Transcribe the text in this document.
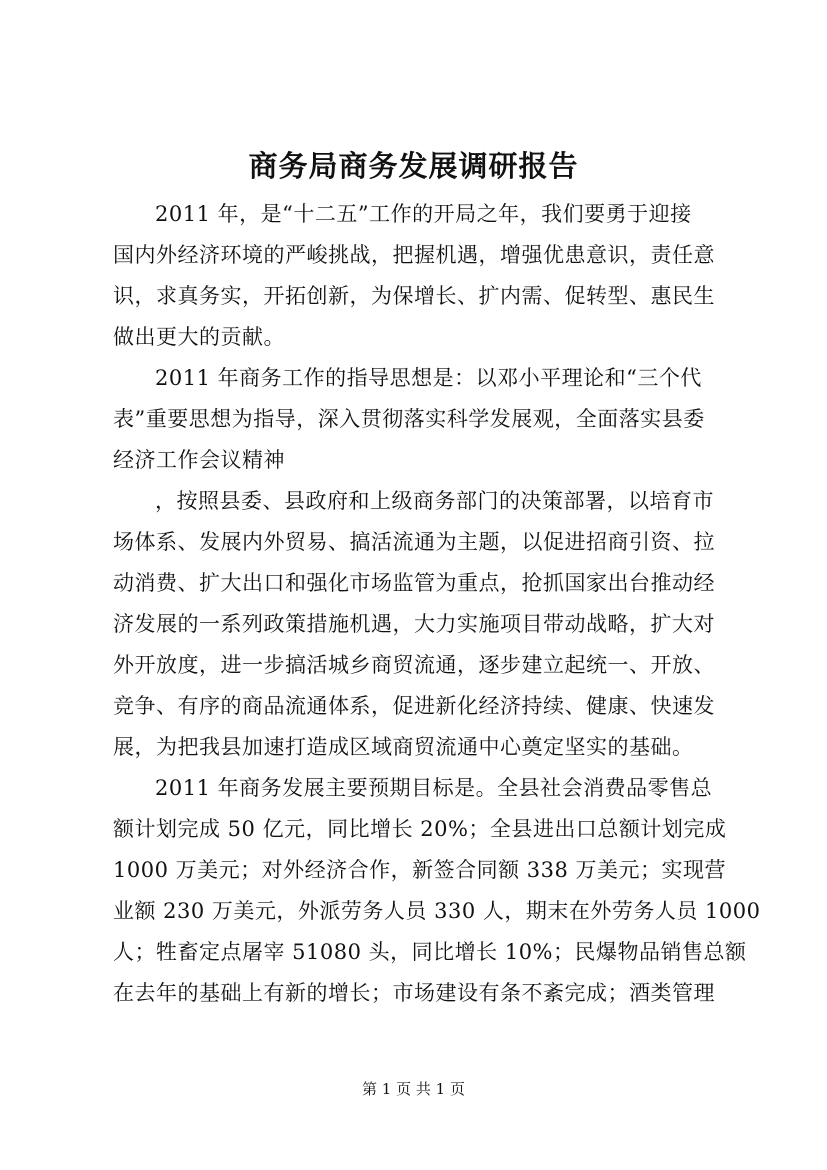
商务局商务发展调研报告
2011 年，是“十二五”工作的开局之年，我们要勇于迎接
国内外经济环境的严峻挑战，把握机遇，增强优患意识，责任意
识，求真务实，开拓创新，为保增长、扩内需、促转型、惠民生
做出更大的贡献。
2011 年商务工作的指导思想是：以邓小平理论和“三个代
表”重要思想为指导，深入贯彻落实科学发展观，全面落实县委
经济工作会议精神
，按照县委、县政府和上级商务部门的决策部署，以培育市
场体系、发展内外贸易、搞活流通为主题，以促进招商引资、拉
动消费、扩大出口和强化市场监管为重点，抢抓国家出台推动经
济发展的一系列政策措施机遇，大力实施项目带动战略，扩大对
外开放度，进一步搞活城乡商贸流通，逐步建立起统一、开放、
竞争、有序的商品流通体系，促进新化经济持续、健康、快速发
展，为把我县加速打造成区域商贸流通中心奠定坚实的基础。
2011 年商务发展主要预期目标是。全县社会消费品零售总
额计划完成 50 亿元，同比增长 20%；全县进出口总额计划完成
1000 万美元；对外经济合作，新签合同额 338 万美元；实现营
业额 230 万美元，外派劳务人员 330 人，期末在外劳务人员 1000
人；牲畜定点屠宰 51080 头，同比增长 10%；民爆物品销售总额
在去年的基础上有新的增长；市场建设有条不紊完成；酒类管理
第 1 页 共 1 页
